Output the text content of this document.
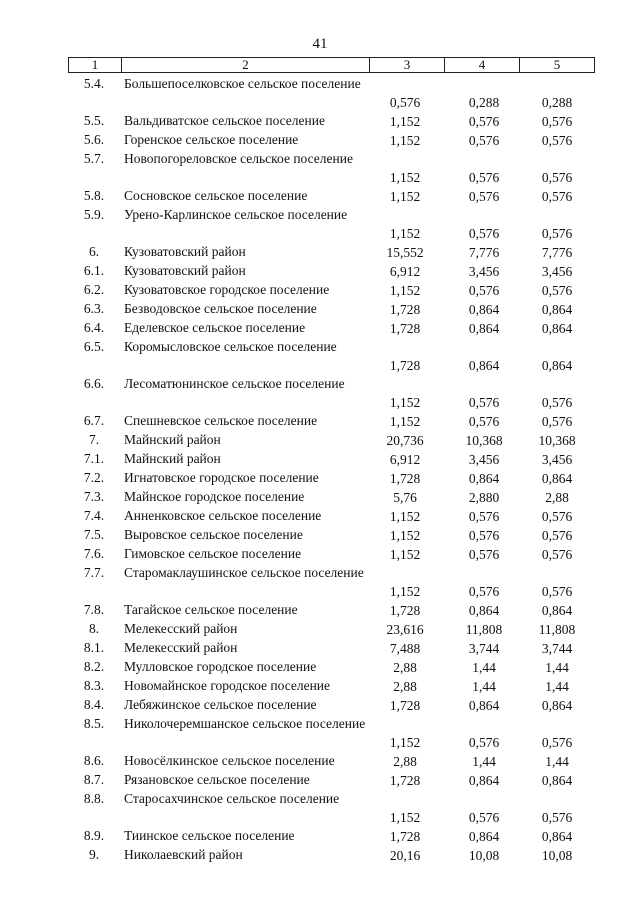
41
1	2	3	4	5
5.4.	Большепоселковское сельское поселение
0,576	0,288	0,288
5.5.	Вальдиватское сельское поселение	1,152	0,576	0,576
5.6.	Горенское сельское поселение	1,152	0,576	0,576
5.7.	Новопогореловское сельское поселение
1,152	0,576	0,576
5.8.	Сосновское сельское поселение	1,152	0,576	0,576
5.9.	Урено-Карлинское сельское поселение
1,152	0,576	0,576
6.	Кузоватовский район	15,552	7,776	7,776
6.1.	Кузоватовский район	6,912	3,456	3,456
6.2.	Кузоватовское городское поселение	1,152	0,576	0,576
6.3.	Безводовское сельское поселение	1,728	0,864	0,864
6.4.	Еделевское сельское поселение	1,728	0,864	0,864
6.5.	Коромысловское сельское поселение
1,728	0,864	0,864
6.6.	Лесоматюнинское сельское поселение
1,152	0,576	0,576
6.7.	Спешневское сельское поселение	1,152	0,576	0,576
7.	Майнский район	20,736	10,368	10,368
7.1.	Майнский район	6,912	3,456	3,456
7.2.	Игнатовское городское поселение	1,728	0,864	0,864
7.3.	Майнское городское поселение	5,76	2,880	2,88
7.4.	Анненковское сельское поселение	1,152	0,576	0,576
7.5.	Выровское сельское поселение	1,152	0,576	0,576
7.6.	Гимовское сельское поселение	1,152	0,576	0,576
7.7.	Старомаклаушинское сельское поселение
1,152	0,576	0,576
7.8.	Тагайское сельское поселение	1,728	0,864	0,864
8.	Мелекесский район	23,616	11,808	11,808
8.1.	Мелекесский район	7,488	3,744	3,744
8.2.	Мулловское городское поселение	2,88	1,44	1,44
8.3.	Новомайнское городское поселение	2,88	1,44	1,44
8.4.	Лебяжинское сельское поселение	1,728	0,864	0,864
8.5.	Николочеремшанское сельское поселение
1,152	0,576	0,576
8.6.	Новосёлкинское сельское поселение	2,88	1,44	1,44
8.7.	Рязановское сельское поселение	1,728	0,864	0,864
8.8.	Старосахчинское сельское поселение
1,152	0,576	0,576
8.9.	Тиинское сельское поселение	1,728	0,864	0,864
9.	Николаевский район	20,16	10,08	10,08
